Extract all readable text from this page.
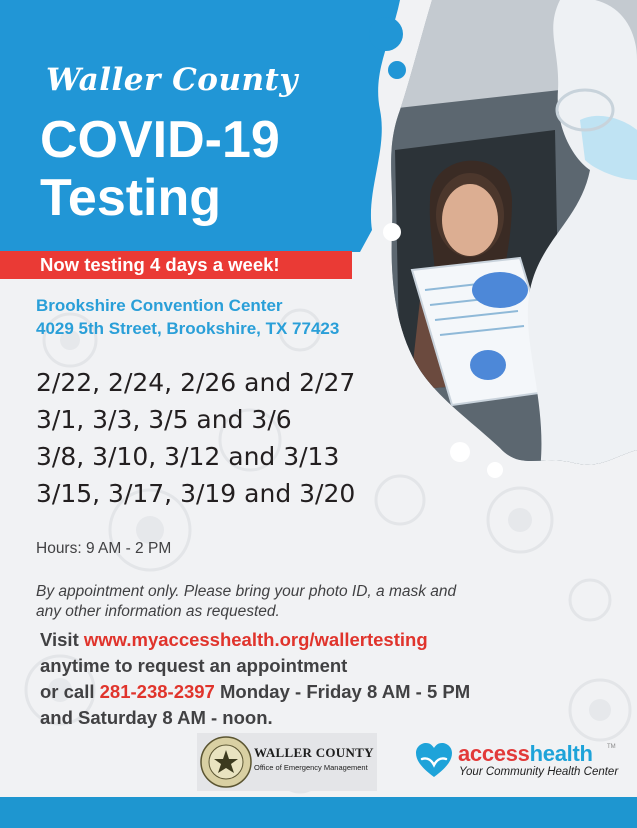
Waller County
COVID-19
Testing
Now testing 4 days a week!
Brookshire Convention Center
4029 5th Street, Brookshire, TX 77423
2/22, 2/24, 2/26 and 2/27
3/1, 3/3, 3/5 and 3/6
3/8, 3/10, 3/12 and 3/13
3/15, 3/17, 3/19 and 3/20
Hours: 9 AM - 2 PM
By appointment only. Please bring your photo ID, a mask and
any other information as requested.
Visit www.myaccesshealth.org/wallertesting
anytime to request an appointment
or call 281-238-2397 Monday - Friday 8 AM - 5 PM
and Saturday 8 AM - noon.
WALLER COUNTY
Office of Emergency Management
accesshealth TM
Your Community Health Center
